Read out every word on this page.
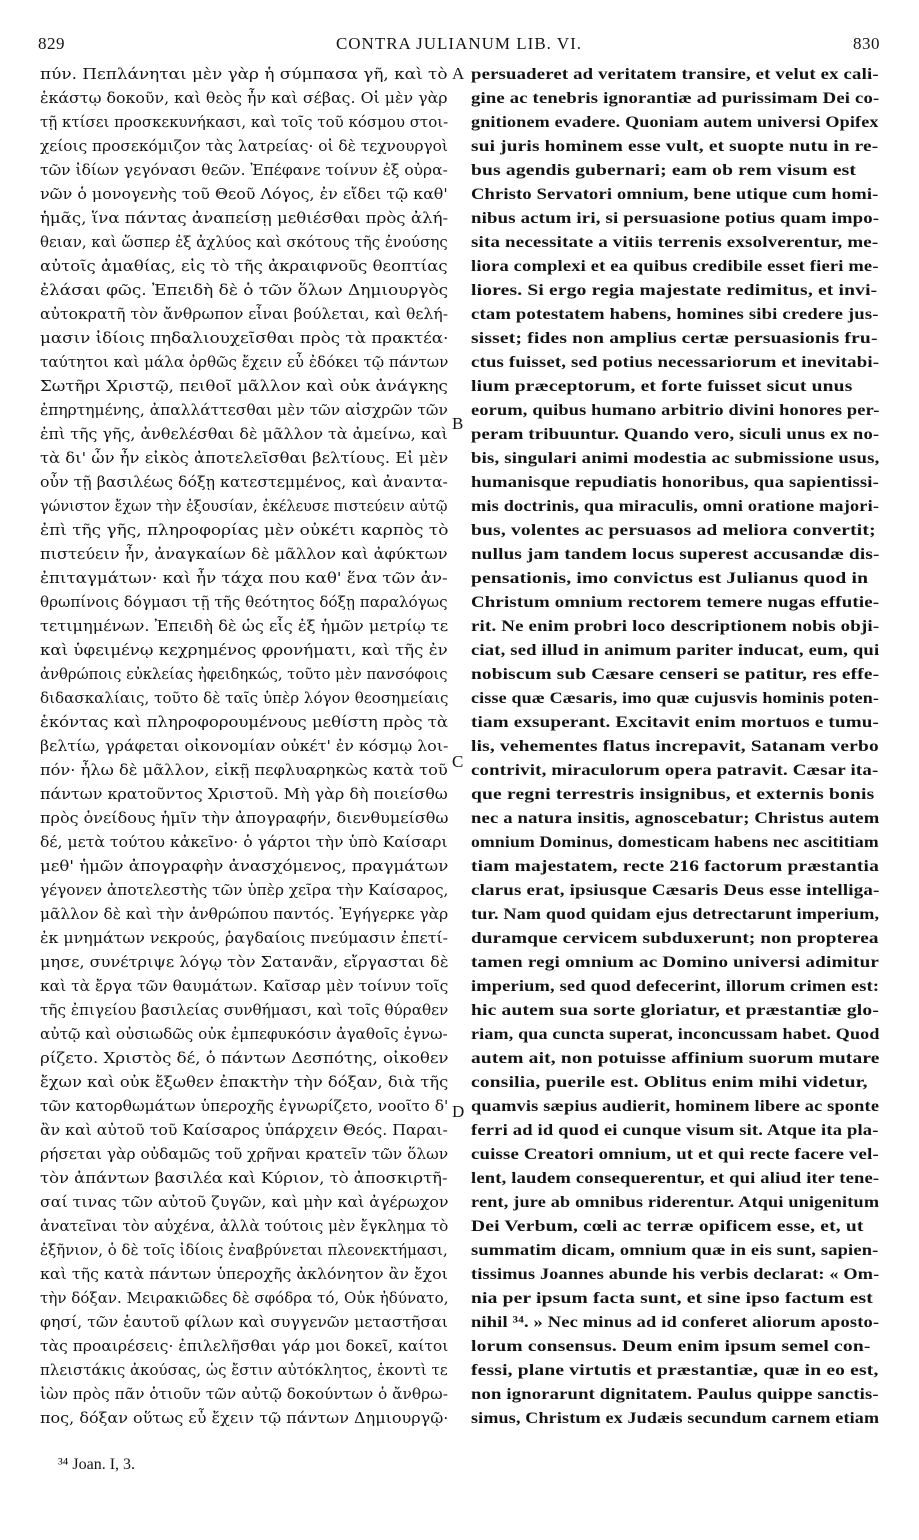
829	CONTRA JULIANUM LIB. VI.	830
πύν. Πεπλάνηται μὲν γὰρ ἡ σύμπασα γῆ, καὶ τὸ
ἑκάστῳ δοκοῦν, καὶ θεὸς ἦν καὶ σέβας. Οἱ μὲν γὰρ
τῇ κτίσει προσκεκυνήκασι, καὶ τοῖς τοῦ κόσμου στοι-
χείοις προσεκόμιζον τὰς λατρείας· οἱ δὲ τεχνουργοὶ
τῶν ἰδίων γεγόνασι θεῶν. Ἐπέφανε τοίνυν ἐξ οὐρα-
νῶν ὁ μονογενὴς τοῦ Θεοῦ Λόγος, ἐν εἴδει τῷ καθ'
ἡμᾶς, ἵνα πάντας ἀναπείσῃ μεθιέσθαι πρὸς ἀλή-
θειαν, καὶ ὥσπερ ἐξ ἀχλύος καὶ σκότους τῆς ἐνούσης
αὐτοῖς ἀμαθίας, εἰς τὸ τῆς ἀκραιφνοῦς θεοπτίας
ἐλάσαι φῶς. Ἐπειδὴ δὲ ὁ τῶν ὅλων Δημιουργὸς
αὐτοκρατῆ τὸν ἄνθρωπον εἶναι βούλεται, καὶ θελή-
μασιν ἰδίοις πηδαλιουχεῖσθαι πρὸς τὰ πρακτέα·
ταύτητοι καὶ μάλα ὀρθῶς ἔχειν εὖ ἐδόκει τῷ πάντων
Σωτῆρι Χριστῷ, πειθοῖ μᾶλλον καὶ οὐκ ἀνάγκης
ἐπηρτημένης, ἀπαλλάττεσθαι μὲν τῶν αἰσχρῶν τῶν
ἐπὶ τῆς γῆς, ἀνθελέσθαι δὲ μᾶλλον τὰ ἀμείνω, καὶ
τὰ δι' ὧν ἦν εἰκὸς ἀποτελεῖσθαι βελτίους. Εἰ μὲν
οὖν τῇ βασιλέως δόξῃ κατεστεμμένος, καὶ ἀναντα-
γώνιστον ἔχων τὴν ἐξουσίαν, ἐκέλευσε πιστεύειν αὐτῷ
ἐπὶ τῆς γῆς, πληροφορίας μὲν οὐκέτι καρπὸς τὸ
πιστεύειν ἦν, ἀναγκαίων δὲ μᾶλλον καὶ ἀφύκτων
ἐπιταγμάτων· καὶ ἦν τάχα που καθ' ἕνα τῶν ἀν-
θρωπίνοις δόγμασι τῇ τῆς θεότητος δόξῃ παραλόγως
τετιμημένων. Ἐπειδὴ δὲ ὡς εἷς ἐξ ἡμῶν μετρίῳ τε
καὶ ὑφειμένῳ κεχρημένος φρονήματι, καὶ τῆς ἐν
ἀνθρώποις εὐκλείας ἠφειδηκώς, τοῦτο μὲν πανσόφοις
διδασκαλίαις, τοῦτο δὲ ταῖς ὑπὲρ λόγον θεοσημείαις
ἑκόντας καὶ πληροφορουμένους μεθίστη πρὸς τὰ
βελτίω, γράφεται οἰκονομίαν οὐκέτ' ἐν κόσμῳ λοι-
πόν· ἦλω δὲ μᾶλλον, εἰκῇ πεφλυαρηκὼς κατὰ τοῦ
πάντων κρατοῦντος Χριστοῦ. Μὴ γὰρ δὴ ποιείσθω
πρὸς ὀνείδους ἡμῖν τὴν ἀπογραφήν, διενθυμείσθω
δέ, μετὰ τούτου κἀκεῖνο· ὁ γάρτοι τὴν ὑπὸ Καίσαρι
μεθ' ἡμῶν ἀπογραφὴν ἀνασχόμενος, πραγμάτων
γέγονεν ἀποτελεστὴς τῶν ὑπὲρ χεῖρα τὴν Καίσαρος,
μᾶλλον δὲ καὶ τὴν ἀνθρώπου παντός. Ἐγήγερκε γὰρ
ἐκ μνημάτων νεκρούς, ῥαγδαίοις πνεύμασιν ἐπετί-
μησε, συνέτριψε λόγῳ τὸν Σατανᾶν, εἴργασται δὲ
καὶ τὰ ἔργα τῶν θαυμάτων. Καῖσαρ μὲν τοίνυν τοῖς
τῆς ἐπιγείου βασιλείας συνθήμασι, καὶ τοῖς θύραθεν
αὐτῷ καὶ οὐσιωδῶς οὐκ ἐμπεφυκόσιν ἀγαθοῖς ἐγνω-
ρίζετο. Χριστὸς δέ, ὁ πάντων Δεσπότης, οἰκοθεν
ἔχων καὶ οὐκ ἔξωθεν ἐπακτὴν τὴν δόξαν, διὰ τῆς
τῶν κατορθωμάτων ὑπεροχῆς ἐγνωρίζετο, νοοῖτο δ'
ἂν καὶ αὐτοῦ τοῦ Καίσαρος ὑπάρχειν Θεός. Παραι-
ρήσεται γὰρ οὐδαμῶς τοῦ χρῆναι κρατεῖν τῶν ὅλων
τὸν ἁπάντων βασιλέα καὶ Κύριον, τὸ ἀποσκιρτῆ-
σαί τινας τῶν αὐτοῦ ζυγῶν, καὶ μὴν καὶ ἀγέρωχον
ἀνατεῖναι τὸν αὐχένα, ἀλλὰ τούτοις μὲν ἔγκλημα τὸ
ἐξῆνιον, ὁ δὲ τοῖς ἰδίοις ἐναβρύνεται πλεονεκτήμασι,
καὶ τῆς κατὰ πάντων ὑπεροχῆς ἀκλόνητον ἂν ἔχοι
τὴν δόξαν. Μειρακιῶδες δὲ σφόδρα τό, Οὐκ ἠδύνατο,
φησί, τῶν ἑαυτοῦ φίλων καὶ συγγενῶν μεταστῆσαι
τὰς προαιρέσεις· ἐπιλελῆσθαι γάρ μοι δοκεῖ, καίτοι
πλειστάκις ἀκούσας, ὡς ἔστιν αὐτόκλητος, ἑκοντὶ τε
ἰὼν πρὸς πᾶν ὁτιοῦν τῶν αὐτῷ δοκούντων ὁ ἄνθρω-
πος, δόξαν οὕτως εὖ ἔχειν τῷ πάντων Δημιουργῷ·
persuaderet ad veritatem transire, et velut ex cali-
gine ac tenebris ignorantiæ ad purissimam Dei co-
gnitionem evadere. Quoniam autem universi Opifex
sui juris hominem esse vult, et suopte nutu in re-
bus agendis gubernari; eam ob rem visum est
Christo Servatori omnium, bene utique cum homi-
nibus actum iri, si persuasione potius quam impo-
sita necessitate a vitiis terrenis exsolverentur, me-
liora complexi et ea quibus credibile esset fieri me-
liores. Si ergo regia majestate redimitus, et invi-
ctam potestatem habens, homines sibi credere jus-
sisset; fides non amplius certæ persuasionis fru-
ctus fuisset, sed potius necessariorum et inevitabi-
lium præceptorum, et forte fuisset sicut unus
eorum, quibus humano arbitrio divini honores per-
peram tribuuntur. Quando vero, siculi unus ex no-
bis, singulari animi modestia ac submissione usus,
humanisque repudiatis honoribus, qua sapientissi-
mis doctrinis, qua miraculis, omni oratione majori-
bus, volentes ac persuasos ad meliora convertit;
nullus jam tandem locus superest accusandæ dis-
pensationis, imo convictus est Julianus quod in
Christum omnium rectorem temere nugas effutie-
rit. Ne enim probri loco descriptionem nobis obji-
ciat, sed illud in animum pariter inducat, eum, qui
nobiscum sub Cæsare censeri se patitur, res effe-
cisse quæ Cæsaris, imo quæ cujusvis hominis poten-
tiam exsuperant. Excitavit enim mortuos e tumu-
lis, vehementes flatus increpavit, Satanam verbo
contrivit, miraculorum opera patravit. Cæsar ita-
que regni terrestris insignibus, et externis bonis
nec a natura insitis, agnoscebatur; Christus autem
omnium Dominus, domesticam habens nec ascititiam
tiam majestatem, recte 216 factorum præstantia
clarus erat, ipsiusque Cæsaris Deus esse intelliga-
tur. Nam quod quidam ejus detrectarunt imperium,
duramque cervicem subduxerunt; non propterea
tamen regi omnium ac Domino universi adimitur
imperium, sed quod defecerint, illorum crimen est:
hic autem sua sorte gloriatur, et præstantiæ glo-
riam, qua cuncta superat, inconcussam habet. Quod
autem ait, non potuisse affinium suorum mutare
consilia, puerile est. Oblitus enim mihi videtur,
quamvis sæpius audierit, hominem libere ac sponte
ferri ad id quod ei cunque visum sit. Atque ita pla-
cuisse Creatori omnium, ut et qui recte facere vel-
lent, laudem consequerentur, et qui aliud iter tene-
rent, jure ab omnibus riderentur. Atqui unigenitum
Dei Verbum, cœli ac terræ opificem esse, et, ut
summatim dicam, omnium quæ in eis sunt, sapien-
tissimus Joannes abunde his verbis declarat: « Om-
nia per ipsum facta sunt, et sine ipso factum est
nihil ³⁴. » Nec minus ad id conferet aliorum aposto-
lorum consensus. Deum enim ipsum semel con-
fessi, plane virtutis et præstantiæ, quæ in eo est,
non ignorarunt dignitatem. Paulus quippe sanctis-
simus, Christum ex Judæis secundum carnem etiam
A
B
C
D
³⁴ Joan. I, 3.
